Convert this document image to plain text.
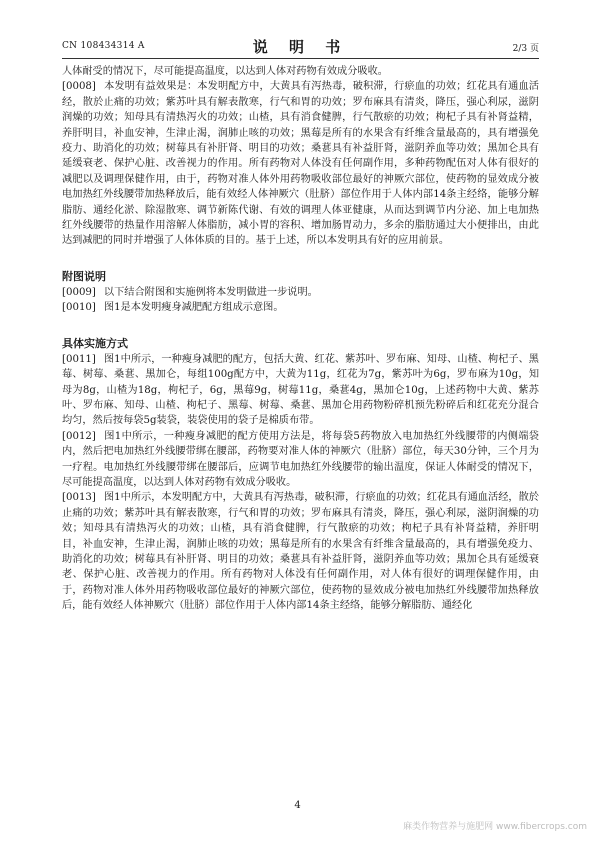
CN 108434314 A	说 明 书	2/3 页

人体耐受的情况下，尽可能提高温度，以达到人体对药物有效成分吸收。

[0008] 本发明有益效果是：本发明配方中，大黄具有泻热毒，破积滞，行瘀血的功效；红花具有通血活经，散於止痛的功效；紫苏叶具有解表散寒，行气和胃的功效；罗布麻具有清炎，降压，强心利尿，滋阴润燥的功效；知母具有清热泻火的功效；山楂，具有消食健脾，行气散瘀的功效；枸杞子具有补肾益精，养肝明目，补血安神，生津止渴，润肺止咳的功效；黑莓是所有的水果含有纤维含量最高的，具有增强免疫力、助消化的功效；树莓具有补肝肾、明目的功效；桑葚具有补益肝肾，滋阴养血等功效；黑加仑具有延缓衰老、保护心脏、改善视力的作用。所有药物对人体没有任何副作用，多种药物配伍对人体有很好的减肥以及调理保健作用，由于，药物对准人体外用药物吸收部位最好的神厥穴部位，使药物的显效成分被电加热红外线腰带加热释放后，能有效经人体神厥穴（肚脐）部位作用于人体内部14条主经络，能够分解脂肪、通经化淤、除湿散寒、调节新陈代谢、有效的调理人体亚健康，从而达到调节内分泌、加上电加热红外线腰带的热量作用溶解人体脂肪，减小胃的容积、增加肠胃动力，多余的脂肪通过大小便排出，由此达到减肥的同时并增强了人体体质的目的。基于上述，所以本发明具有好的应用前景。

附图说明

[0009] 以下结合附图和实施例将本发明做进一步说明。

[0010] 图1是本发明瘦身减肥配方组成示意图。

具体实施方式

[0011] 图1中所示，一种瘦身减肥的配方，包括大黄、红花、紫苏叶、罗布麻、知母、山楂、枸杞子、黑莓、树莓、桑葚、黑加仑，每组100g配方中，大黄为11g，红花为7g，紫苏叶为6g，罗布麻为10g，知母为8g，山楂为18g，枸杞子，6g，黑莓9g，树莓11g，桑葚4g，黑加仑10g，上述药物中大黄、紫苏叶、罗布麻、知母、山楂、枸杞子、黑莓、树莓、桑葚、黑加仑用药物粉碎机预先粉碎后和红花充分混合均匀，然后按每袋5g装袋，装袋使用的袋子是棉质布带。

[0012] 图1中所示，一种瘦身减肥的配方使用方法是，将每袋5药物放入电加热红外线腰带的内侧端袋内，然后把电加热红外线腰带绑在腰部，药物要对准人体的神厥穴（肚脐）部位，每天30分钟，三个月为一疗程。电加热红外线腰带绑在腰部后，应调节电加热红外线腰带的输出温度，保证人体耐受的情况下，尽可能提高温度，以达到人体对药物有效成分吸收。

[0013] 图1中所示，本发明配方中，大黄具有泻热毒，破积滞，行瘀血的功效；红花具有通血活经，散於止痛的功效；紫苏叶具有解表散寒，行气和胃的功效；罗布麻具有清炎，降压，强心利尿，滋阴润燥的功效；知母具有清热泻火的功效；山楂，具有消食健脾，行气散瘀的功效；枸杞子具有补肾益精，养肝明目，补血安神，生津止渴，润肺止咳的功效；黑莓是所有的水果含有纤维含量最高的，具有增强免疫力、助消化的功效；树莓具有补肝肾、明目的功效；桑葚具有补益肝肾，滋阴养血等功效；黑加仑具有延缓衰老、保护心脏、改善视力的作用。所有药物对人体没有任何副作用，对人体有很好的调理保健作用，由于，药物对准人体外用药物吸收部位最好的神厥穴部位，使药物的显效成分被电加热红外线腰带加热释放后，能有效经人体神厥穴（肚脐）部位作用于人体内部14条主经络，能够分解脂肪、通经化

4
麻类作物营养与施肥网 www.fibercrops.com
